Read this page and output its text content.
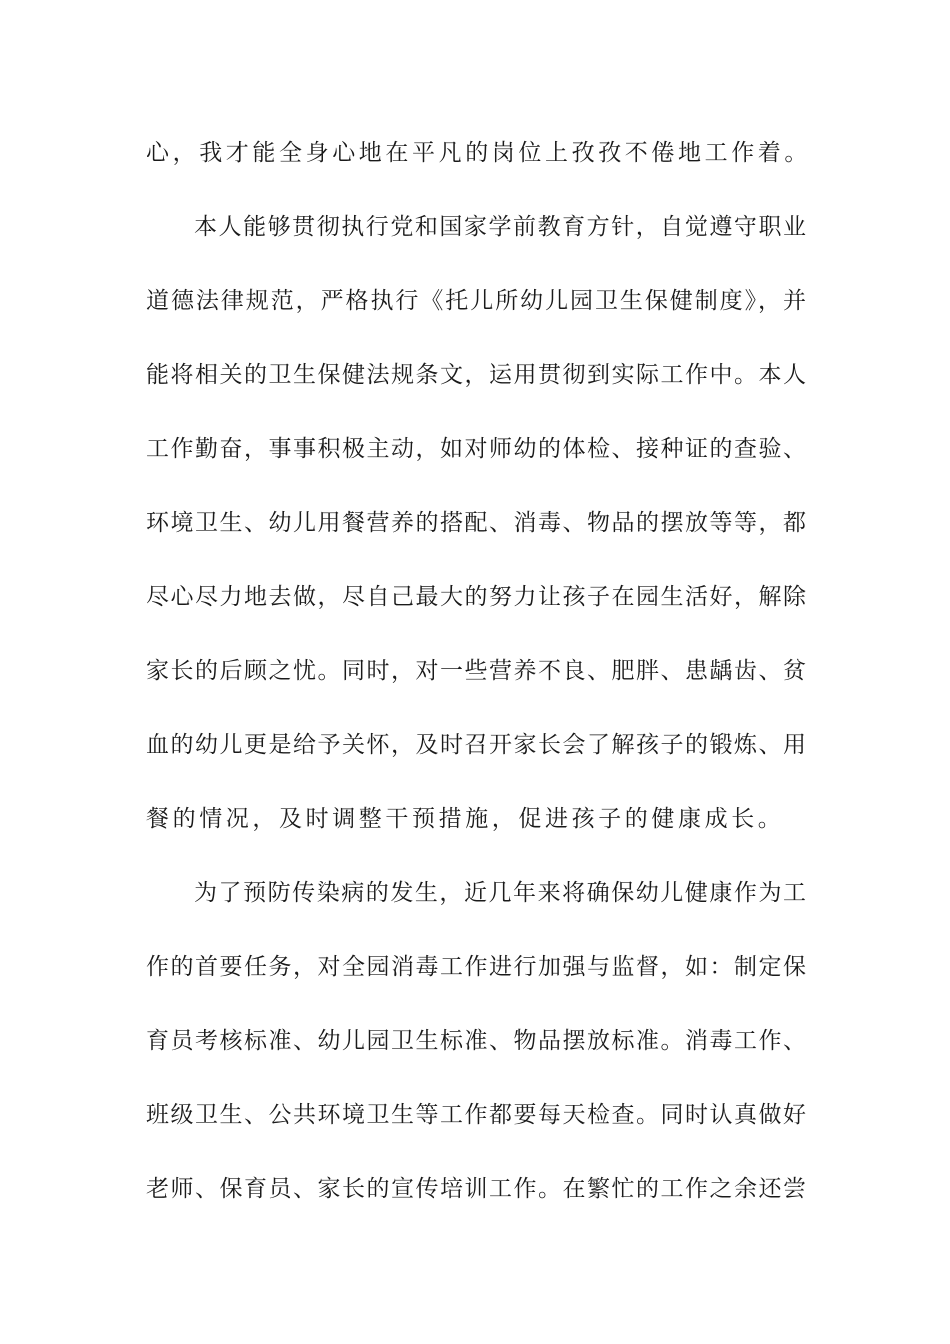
心，我才能全身心地在平凡的岗位上孜孜不倦地工作着。
本人能够贯彻执行党和国家学前教育方针，自觉遵守职业
道德法律规范，严格执行《托儿所幼儿园卫生保健制度》，并
能将相关的卫生保健法规条文，运用贯彻到实际工作中。本人
工作勤奋，事事积极主动，如对师幼的体检、接种证的查验、
环境卫生、幼儿用餐营养的搭配、消毒、物品的摆放等等，都
尽心尽力地去做，尽自己最大的努力让孩子在园生活好，解除
家长的后顾之忧。同时，对一些营养不良、肥胖、患龋齿、贫
血的幼儿更是给予关怀，及时召开家长会了解孩子的锻炼、用
餐的情况，及时调整干预措施，促进孩子的健康成长。
为了预防传染病的发生，近几年来将确保幼儿健康作为工
作的首要任务，对全园消毒工作进行加强与监督，如：制定保
育员考核标准、幼儿园卫生标准、物品摆放标准。消毒工作、
班级卫生、公共环境卫生等工作都要每天检查。同时认真做好
老师、保育员、家长的宣传培训工作。在繁忙的工作之余还尝
